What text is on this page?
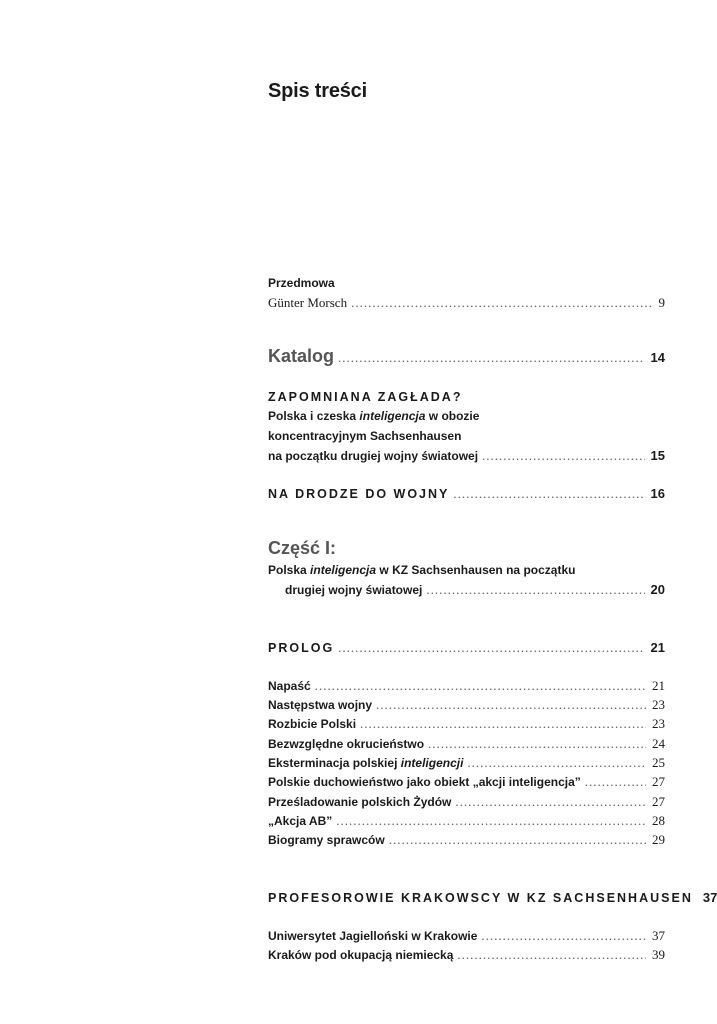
Spis treści
Przedmowa
Günter Morsch .....	9
Katalog .....	14
ZAPOMNIANA ZAGŁADA?
Polska i czeska inteligencja w obozie
koncentracyjnym Sachsenhausen
na początku drugiej wojny światowej .....	15
NA DRODZE DO WOJNY .....	16
Część I:
Polska inteligencja w KZ Sachsenhausen na początku
drugiej wojny światowej .....	20
PROLOG .....	21
Napaść .....	21
Następstwa wojny .....	23
Rozbicie Polski .....	23
Bezwzględne okrucieństwo .....	24
Eksterminacja polskiej inteligencji .....	25
Polskie duchowieństwo jako obiekt „akcji inteligencja” .....	27
Prześladowanie polskich Żydów .....	27
„Akcja AB” .....	28
Biogramy sprawców .....	29
PROFESOROWIE KRAKOWSCY W KZ SACHSENHAUSEN 37
Uniwersytet Jagielloński w Krakowie .....	37
Kraków pod okupacją niemiecką .....	39
